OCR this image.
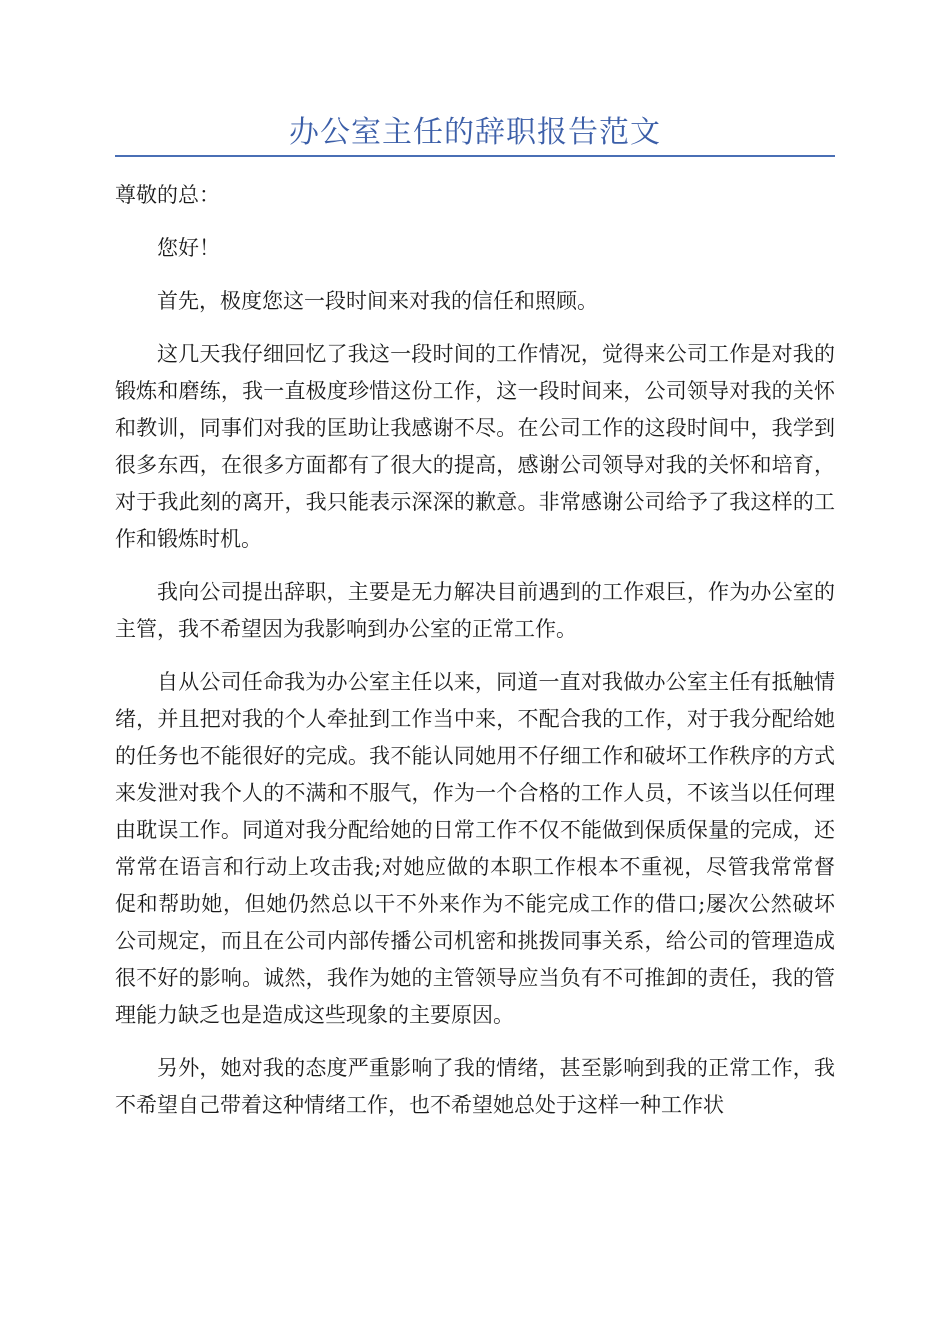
办公室主任的辞职报告范文

尊敬的总：

您好！

首先，极度您这一段时间来对我的信任和照顾。

这几天我仔细回忆了我这一段时间的工作情况，觉得来公司工作是对我的锻炼和磨练，我一直极度珍惜这份工作，这一段时间来，公司领导对我的关怀和教训，同事们对我的匡助让我感谢不尽。在公司工作的这段时间中，我学到很多东西，在很多方面都有了很大的提高，感谢公司领导对我的关怀和培育，对于我此刻的离开，我只能表示深深的歉意。非常感谢公司给予了我这样的工作和锻炼时机。

我向公司提出辞职，主要是无力解决目前遇到的工作艰巨，作为办公室的主管，我不希望因为我影响到办公室的正常工作。

自从公司任命我为办公室主任以来，同道一直对我做办公室主任有抵触情绪，并且把对我的个人牵扯到工作当中来，不配合我的工作，对于我分配给她的任务也不能很好的完成。我不能认同她用不仔细工作和破坏工作秩序的方式来发泄对我个人的不满和不服气，作为一个合格的工作人员，不该当以任何理由耽误工作。同道对我分配给她的日常工作不仅不能做到保质保量的完成，还常常在语言和行动上攻击我;对她应做的本职工作根本不重视，尽管我常常督促和帮助她，但她仍然总以干不外来作为不能完成工作的借口;屡次公然破坏公司规定，而且在公司内部传播公司机密和挑拨同事关系，给公司的管理造成很不好的影响。诚然，我作为她的主管领导应当负有不可推卸的责任，我的管理能力缺乏也是造成这些现象的主要原因。

另外，她对我的态度严重影响了我的情绪，甚至影响到我的正常工作，我不希望自己带着这种情绪工作，也不希望她总处于这样一种工作状
